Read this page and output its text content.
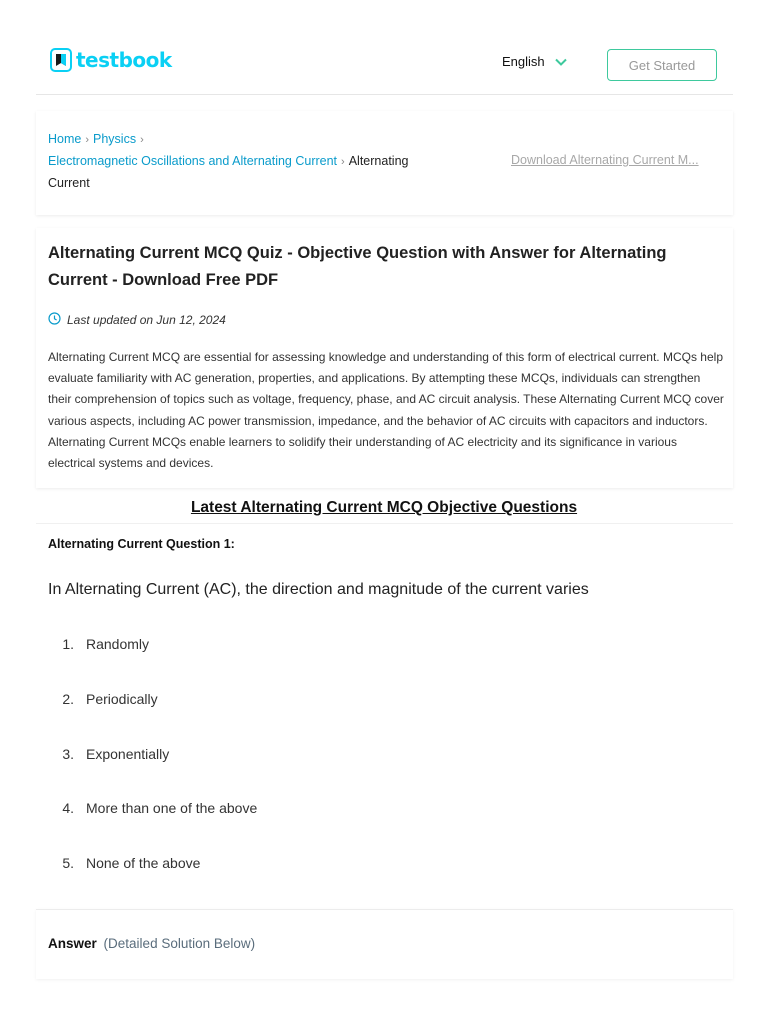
testbook	English	Get Started
Home › Physics ›
Electromagnetic Oscillations and Alternating Current › Alternating Current
Download Alternating Current M...
Alternating Current MCQ Quiz - Objective Question with Answer for Alternating Current - Download Free PDF
Last updated on Jun 12, 2024

Alternating Current MCQ are essential for assessing knowledge and understanding of this form of electrical current. MCQs help evaluate familiarity with AC generation, properties, and applications. By attempting these MCQs, individuals can strengthen their comprehension of topics such as voltage, frequency, phase, and AC circuit analysis. These Alternating Current MCQ cover various aspects, including AC power transmission, impedance, and the behavior of AC circuits with capacitors and inductors. Alternating Current MCQs enable learners to solidify their understanding of AC electricity and its significance in various electrical systems and devices.

Latest Alternating Current MCQ Objective Questions
Alternating Current Question 1:
In Alternating Current (AC), the direction and magnitude of the current varies
1. Randomly
2. Periodically
3. Exponentially
4. More than one of the above
5. None of the above
Answer (Detailed Solution Below)
